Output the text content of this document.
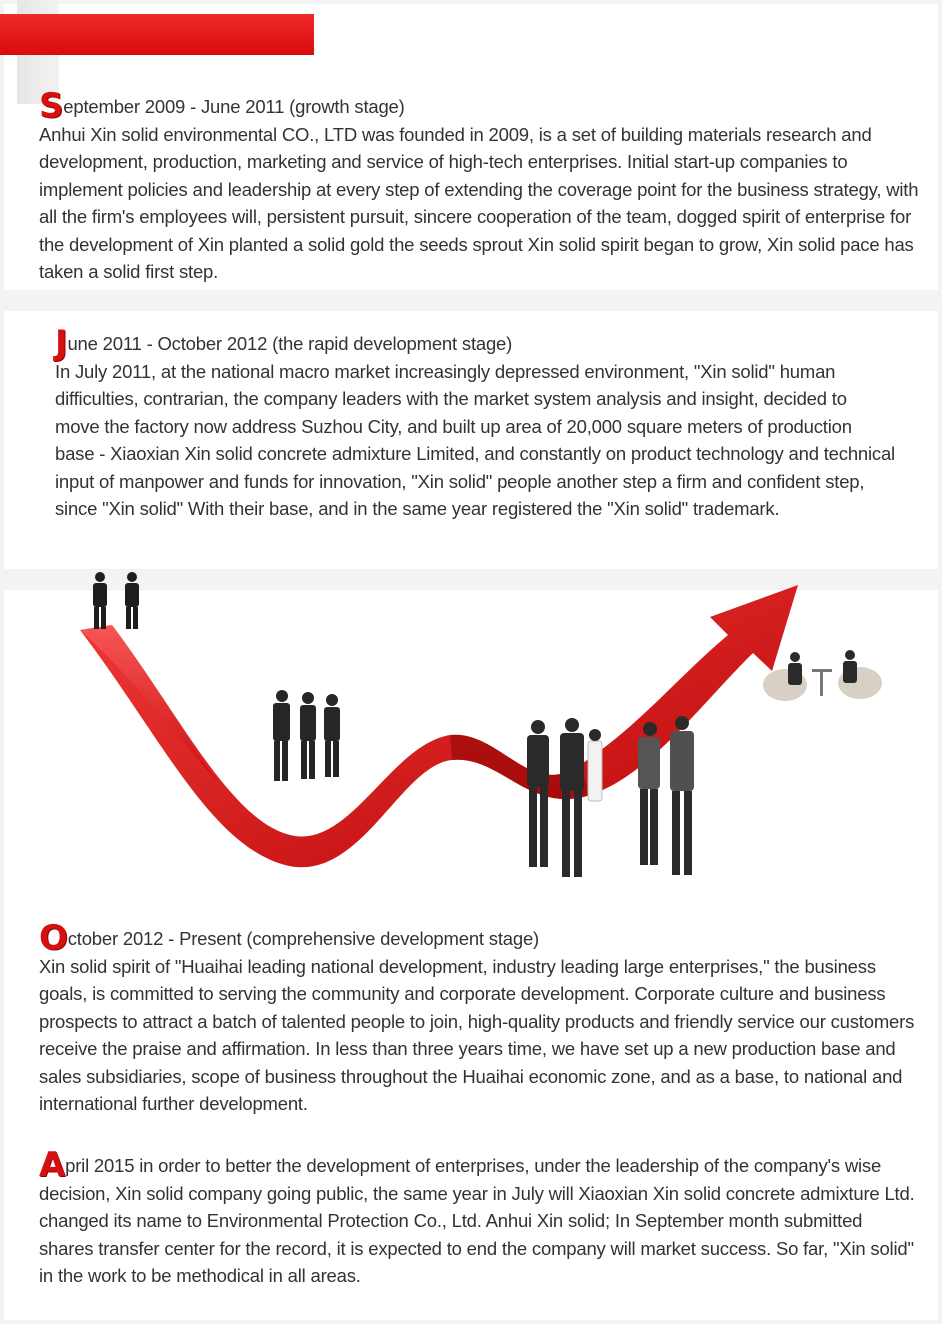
September 2009 - June 2011 (growth stage)
Anhui Xin solid environmental CO., LTD was founded in 2009, is a set of building materials research and development, production, marketing and service of high-tech enterprises. Initial start-up companies to implement policies and leadership at every step of extending the coverage point for the business strategy, with all the firm's employees will, persistent pursuit, sincere cooperation of the team, dogged spirit of enterprise for the development of Xin planted a solid gold the seeds sprout Xin solid spirit began to grow, Xin solid pace has taken a solid first step.
June 2011 - October 2012 (the rapid development stage)
In July 2011, at the national macro market increasingly depressed environment, "Xin solid" human difficulties, contrarian, the company leaders with the market system analysis and insight, decided to move the factory now address Suzhou City, and built up area of 20,000 square meters of production base - Xiaoxian Xin solid concrete admixture Limited, and constantly on product technology and technical input of manpower and funds for innovation, "Xin solid" people another step a firm and confident step, since "Xin solid" With their base, and in the same year registered the "Xin solid" trademark.
October 2012 - Present (comprehensive development stage)
Xin solid spirit of "Huaihai leading national development, industry leading large enterprises," the business goals, is committed to serving the community and corporate development. Corporate culture and business prospects to attract a batch of talented people to join, high-quality products and friendly service our customers receive the praise and affirmation. In less than three years time, we have set up a new production base and sales subsidiaries, scope of business throughout the Huaihai economic zone, and as a base, to national and international further development.
April 2015 in order to better the development of enterprises, under the leadership of the company's wise decision, Xin solid company going public, the same year in July will Xiaoxian Xin solid concrete admixture Ltd. changed its name to Environmental Protection Co., Ltd. Anhui Xin solid; In September month submitted shares transfer center for the record, it is expected to end the company will market success. So far, "Xin solid" in the work to be methodical in all areas.
